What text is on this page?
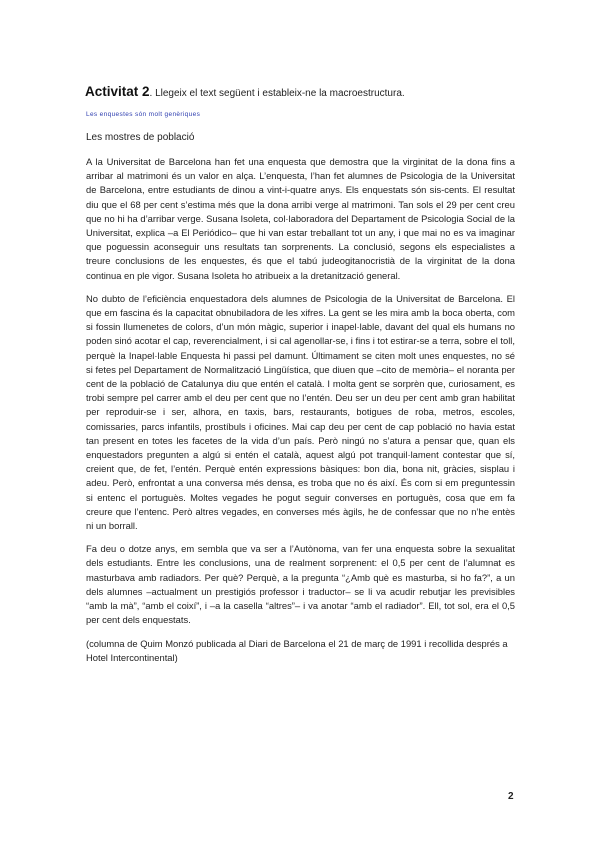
Activitat 2. Llegeix el text següent i estableix-ne la macroestructura.
Les enquestes són molt genèriques
Les mostres de població

A la Universitat de Barcelona han fet una enquesta que demostra que la virginitat de la dona fins a arribar al matrimoni és un valor en alça. L’enquesta, l’han fet alumnes de Psicologia de la Universitat de Barcelona, entre estudiants de dinou a vint-i-quatre anys. Els enquestats són sis-cents. El resultat diu que el 68 per cent s’estima més que la dona arribi verge al matrimoni. Tan sols el 29 per cent creu que no hi ha d’arribar verge. Susana Isoleta, col·laboradora del Departament de Psicologia Social de la Universitat, explica –a El Periódico– que hi van estar treballant tot un any, i que mai no es va imaginar que poguessin aconseguir uns resultats tan sorprenents. La conclusió, segons els especialistes a treure conclusions de les enquestes, és que el tabú judeogitanocristià de la virginitat de la dona continua en ple vigor. Susana Isoleta ho atribueix a la dretanització general.

No dubto de l’eficiència enquestadora dels alumnes de Psicologia de la Universitat de Barcelona. El que em fascina és la capacitat obnubiladora de les xifres. La gent se les mira amb la boca oberta, com si fossin llumenetes de colors, d’un món màgic, superior i inapel·lable, davant del qual els humans no poden sinó acotar el cap, reverencialment, i si cal agenollar-se, i fins i tot estirar-se a terra, sobre el toll, perquè la Inapel·lable Enquesta hi passi pel damunt. Últimament se citen molt unes enquestes, no sé si fetes pel Departament de Normalització Lingüística, que diuen que –cito de memòria– el noranta per cent de la població de Catalunya diu que entén el català. I molta gent se sorprèn que, curiosament, es trobi sempre pel carrer amb el deu per cent que no l’entén. Deu ser un deu per cent amb gran habilitat per reproduir-se i ser, alhora, en taxis, bars, restaurants, botigues de roba, metros, escoles, comissaries, parcs infantils, prostíbuls i oficines. Mai cap deu per cent de cap població no havia estat tan present en totes les facetes de la vida d’un país. Però ningú no s’atura a pensar que, quan els enquestadors pregunten a algú si entén el català, aquest algú pot tranquil·lament contestar que sí, creient que, de fet, l’entén. Perquè entén expressions bàsiques: bon dia, bona nit, gràcies, sisplau i adeu. Però, enfrontat a una conversa més densa, es troba que no és així. És com si em preguntessin si entenc el portuguès. Moltes vegades he pogut seguir converses en portuguès, cosa que em fa creure que l’entenc. Però altres vegades, en converses més àgils, he de confessar que no n’he entès ni un borrall.

Fa deu o dotze anys, em sembla que va ser a l’Autònoma, van fer una enquesta sobre la sexualitat dels estudiants. Entre les conclusions, una de realment sorprenent: el 0,5 per cent de l’alumnat es masturbava amb radiadors. Per què? Perquè, a la pregunta “¿Amb què es masturba, si ho fa?”, a un dels alumnes –actualment un prestigiós professor i traductor– se li va acudir rebutjar les previsibles “amb la mà”, “amb el coixí”, i –a la casella “altres”– i va anotar “amb el radiador”. Ell, tot sol, era el 0,5 per cent dels enquestats.

(columna de Quim Monzó publicada al Diari de Barcelona el 21 de març de 1991 i recollida després a Hotel Intercontinental)

2
